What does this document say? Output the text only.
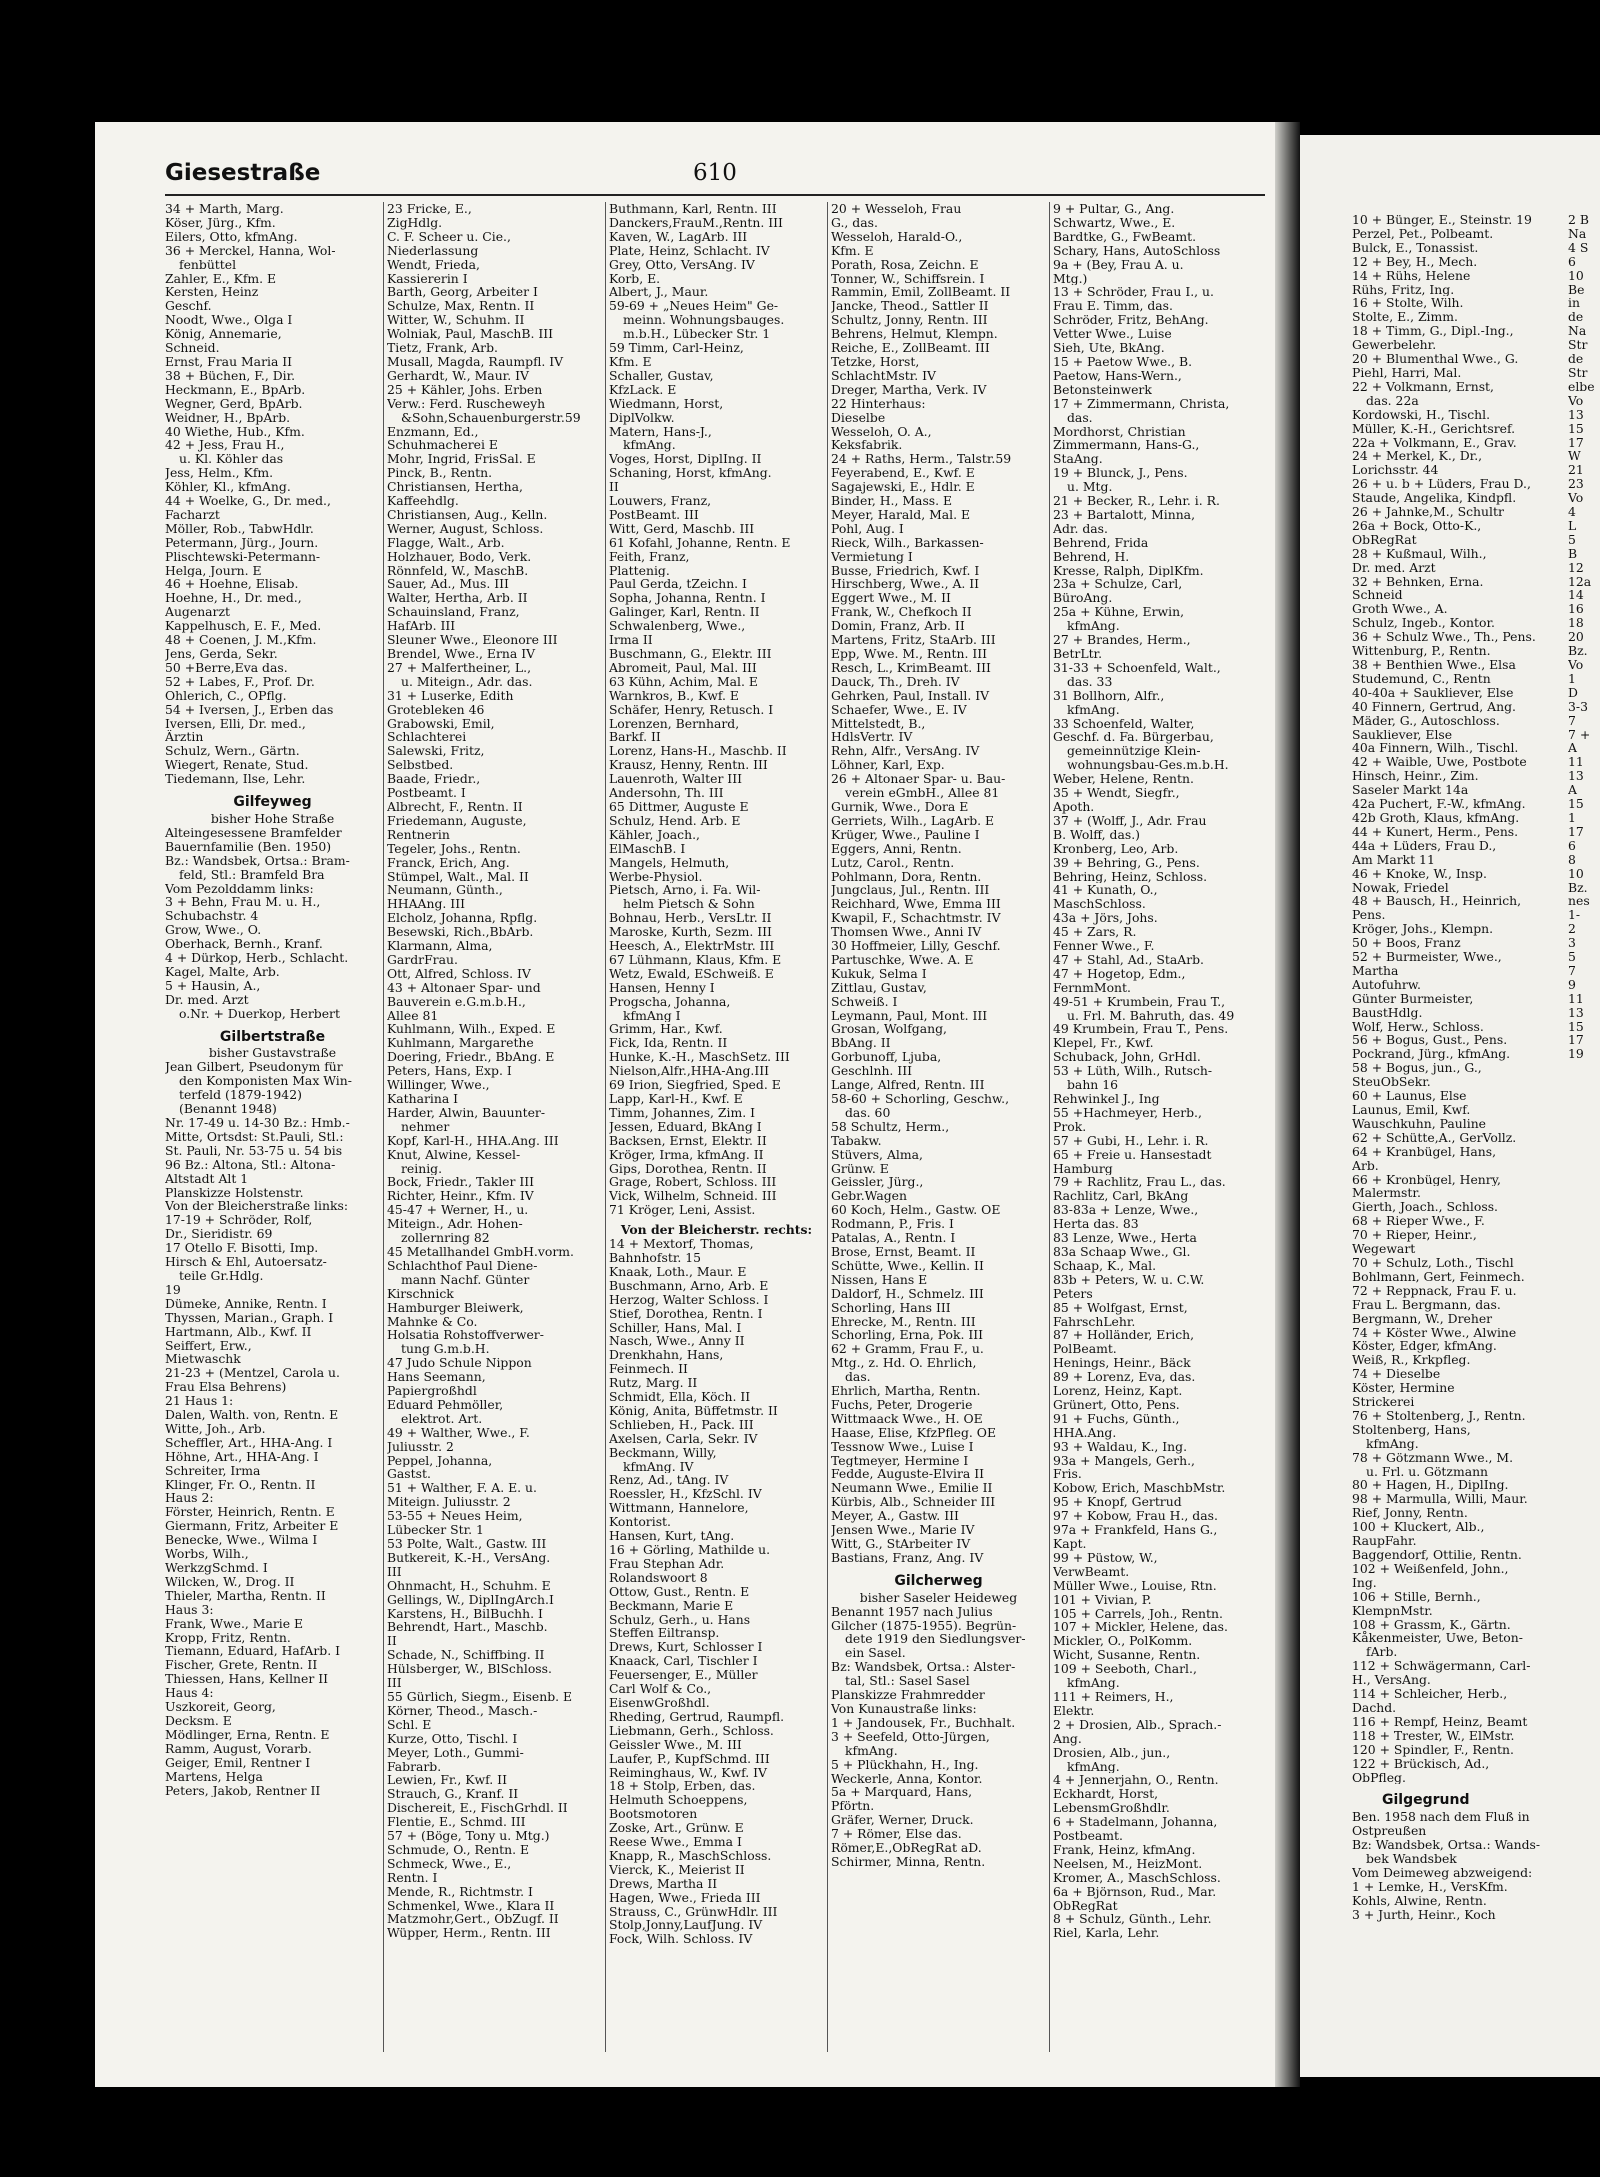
Giesestraße	610
34 + Marth, Marg.
Köser, Jürg., Kfm.
Eilers, Otto, kfmAng.
36 + Merckel, Hanna, Wol-
fenbüttel
Zahler, E., Kfm. E
Kersten, Heinz
Geschf.
Noodt, Wwe., Olga I
König, Annemarie,
Schneid.
Ernst, Frau Maria II
38 + Büchen, F., Dir.
Heckmann, E., BpArb.
Wegner, Gerd, BpArb.
Weidner, H., BpArb.
40 Wiethe, Hub., Kfm.
42 + Jess, Frau H.,
u. Kl. Köhler das
Jess, Helm., Kfm.
Köhler, Kl., kfmAng.
44 + Woelke, G., Dr. med.,
Facharzt
Möller, Rob., TabwHdlr.
Petermann, Jürg., Journ.
Plischtewski-Petermann-
Helga, Journ. E
46 + Hoehne, Elisab.
Hoehne, H., Dr. med.,
Augenarzt
Kappelhusch, E. F., Med.
48 + Coenen, J. M.,Kfm.
Jens, Gerda, Sekr.
50 +Berre,Eva das.
52 + Labes, F., Prof. Dr.
Ohlerich, C., OPflg.
54 + Iversen, J., Erben das
Iversen, Elli, Dr. med.,
Ärztin
Schulz, Wern., Gärtn.
Wiegert, Renate, Stud.
Tiedemann, Ilse, Lehr.
Gilfeyweg
bisher Hohe Straße
Alteingesessene Bramfelder
Bauernfamilie (Ben. 1950)
Bz.: Wandsbek, Ortsa.: Bram-
feld, Stl.: Bramfeld Bra
Vom Pezolddamm links:
3 + Behn, Frau M. u. H.,
Schubachstr. 4
Grow, Wwe., O.
Oberhack, Bernh., Kranf.
4 + Dürkop, Herb., Schlacht.
Kagel, Malte, Arb.
5 + Hausin, A.,
Dr. med. Arzt
o.Nr. + Duerkop, Herbert
Gilbertstraße
bisher Gustavstraße
Jean Gilbert, Pseudonym für
den Komponisten Max Win-
terfeld (1879-1942)
(Benannt 1948)
Nr. 17-49 u. 14-30 Bz.: Hmb.-
Mitte, Ortsdst: St.Pauli, Stl.:
St. Pauli, Nr. 53-75 u. 54 bis
96 Bz.: Altona, Stl.: Altona-
Altstadt Alt 1
Planskizze Holstenstr.
Von der Bleicherstraße links:
17-19 + Schröder, Rolf,
Dr., Sieridistr. 69
17 Otello F. Bisotti, Imp.
Hirsch & Ehl, Autoersatz-
teile Gr.Hdlg.
19
Dümeke, Annike, Rentn. I
Thyssen, Marian., Graph. I
Hartmann, Alb., Kwf. II
Seiffert, Erw.,
Mietwaschk
21-23 + (Mentzel, Carola u.
Frau Elsa Behrens)
21 Haus 1:
Dalen, Walth. von, Rentn. E
Witte, Joh., Arb.
Scheffler, Art., HHA-Ang. I
Höhne, Art., HHA-Ang. I
Schreiter, Irma
Klinger, Fr. O., Rentn. II
Haus 2:
Förster, Heinrich, Rentn. E
Giermann, Fritz, Arbeiter E
Benecke, Wwe., Wilma I
Worbs, Wilh.,
WerkzgSchmd. I
Wilcken, W., Drog. II
Thieler, Martha, Rentn. II
Haus 3:
Frank, Wwe., Marie E
Kropp, Fritz, Rentn.
Tiemann, Eduard, HafArb. I
Fischer, Grete, Rentn. II
Thiessen, Hans, Kellner II
Haus 4:
Uszkoreit, Georg,
Decksm. E
Mödlinger, Erna, Rentn. E
Ramm, August, Vorarb.
Geiger, Emil, Rentner I
Martens, Helga
Peters, Jakob, Rentner II
23 Fricke, E.,
ZigHdlg.
C. F. Scheer u. Cie.,
Niederlassung
Wendt, Frieda,
Kassiererin I
Barth, Georg, Arbeiter I
Schulze, Max, Rentn. II
Witter, W., Schuhm. II
Wolniak, Paul, MaschB. III
Tietz, Frank, Arb.
Musall, Magda, Raumpfl. IV
Gerhardt, W., Maur. IV
25 + Kähler, Johs. Erben
Verw.: Ferd. Ruscheweyh
&Sohn,Schauenburgerstr.59
Enzmann, Ed.,
Schuhmacherei E
Mohr, Ingrid, FrisSal. E
Pinck, B., Rentn.
Christiansen, Hertha,
Kaffeehdlg.
Christiansen, Aug., Kelln.
Werner, August, Schloss.
Flagge, Walt., Arb.
Holzhauer, Bodo, Verk.
Rönnfeld, W., MaschB.
Sauer, Ad., Mus. III
Walter, Hertha, Arb. II
Schauinsland, Franz,
HafArb. III
Sleuner Wwe., Eleonore III
Brendel, Wwe., Erna IV
27 + Malfertheiner, L.,
u. Miteign., Adr. das.
31 + Luserke, Edith
Grotebleken 46
Grabowski, Emil,
Schlachterei
Salewski, Fritz,
Selbstbed.
Baade, Friedr.,
Postbeamt. I
Albrecht, F., Rentn. II
Friedemann, Auguste,
Rentnerin
Tegeler, Johs., Rentn.
Franck, Erich, Ang.
Stümpel, Walt., Mal. II
Neumann, Günth.,
HHAAng. III
Elcholz, Johanna, Rpflg.
Besewski, Rich.,BbArb.
Klarmann, Alma,
GardrFrau.
Ott, Alfred, Schloss. IV
43 + Altonaer Spar- und
Bauverein e.G.m.b.H.,
Allee 81
Kuhlmann, Wilh., Exped. E
Kuhlmann, Margarethe
Doering, Friedr., BbAng. E
Peters, Hans, Exp. I
Willinger, Wwe.,
Katharina I
Harder, Alwin, Bauunter-
nehmer
Kopf, Karl-H., HHA.Ang. III
Knut, Alwine, Kessel-
reinig.
Bock, Friedr., Takler III
Richter, Heinr., Kfm. IV
45-47 + Werner, H., u.
Miteign., Adr. Hohen-
zollernring 82
45 Metallhandel GmbH.vorm.
Schlachthof Paul Diene-
mann Nachf. Günter
Kirschnick
Hamburger Bleiwerk,
Mahnke & Co.
Holsatia Rohstoffverwer-
tung G.m.b.H.
47 Judo Schule Nippon
Hans Seemann,
Papiergroßhdl
Eduard Pehmöller,
elektrot. Art.
49 + Walther, Wwe., F.
Juliusstr. 2
Peppel, Johanna,
Gastst.
51 + Walther, F. A. E. u.
Miteign. Juliusstr. 2
53-55 + Neues Heim,
Lübecker Str. 1
53 Polte, Walt., Gastw. III
Butkereit, K.-H., VersAng.
III
Ohnmacht, H., Schuhm. E
Gellings, W., DiplIngArch.I
Karstens, H., BilBuchh. I
Behrendt, Hart., Maschb.
II
Schade, N., Schiffbing. II
Hülsberger, W., BlSchloss.
III
55 Gürlich, Siegm., Eisenb. E
Körner, Theod., Masch.-
Schl. E
Kurze, Otto, Tischl. I
Meyer, Loth., Gummi-
Fabrarb.
Lewien, Fr., Kwf. II
Strauch, G., Kranf. II
Dischereit, E., FischGrhdl. II
Flentie, E., Schmd. III
57 + (Böge, Tony u. Mtg.)
Schmude, O., Rentn. E
Schmeck, Wwe., E.,
Rentn. I
Mende, R., Richtmstr. I
Schmenkel, Wwe., Klara II
Matzmohr,Gert., ObZugf. II
Wüpper, Herm., Rentn. III
Buthmann, Karl, Rentn. III
Danckers,FrauM.,Rentn. III
Kaven, W., LagArb. III
Plate, Heinz, Schlacht. IV
Grey, Otto, VersAng. IV
Korb, E.
Albert, J., Maur.
59-69 + „Neues Heim" Ge-
meinn. Wohnungsbauges.
m.b.H., Lübecker Str. 1
59 Timm, Carl-Heinz,
Kfm. E
Schaller, Gustav,
KfzLack. E
Wiedmann, Horst,
DiplVolkw.
Matern, Hans-J.,
kfmAng.
Voges, Horst, DiplIng. II
Schaning, Horst, kfmAng.
II
Louwers, Franz,
PostBeamt. III
Witt, Gerd, Maschb. III
61 Kofahl, Johanne, Rentn. E
Feith, Franz,
Plattenig.
Paul Gerda, tZeichn. I
Sopha, Johanna, Rentn. I
Galinger, Karl, Rentn. II
Schwalenberg, Wwe.,
Irma II
Buschmann, G., Elektr. III
Abromeit, Paul, Mal. III
63 Kühn, Achim, Mal. E
Warnkros, B., Kwf. E
Schäfer, Henry, Retusch. I
Lorenzen, Bernhard,
Barkf. II
Lorenz, Hans-H., Maschb. II
Krausz, Henny, Rentn. III
Lauenroth, Walter III
Andersohn, Th. III
65 Dittmer, Auguste E
Schulz, Hend. Arb. E
Kähler, Joach.,
ElMaschB. I
Mangels, Helmuth,
Werbe-Physiol.
Pietsch, Arno, i. Fa. Wil-
helm Pietsch & Sohn
Bohnau, Herb., VersLtr. II
Maroske, Kurth, Sezm. III
Heesch, A., ElektrMstr. III
67 Lühmann, Klaus, Kfm. E
Wetz, Ewald, ESchweiß. E
Hansen, Henny I
Progscha, Johanna,
kfmAng I
Grimm, Har., Kwf.
Fick, Ida, Rentn. II
Hunke, K.-H., MaschSetz. III
Nielson,Alfr.,HHA-Ang.III
69 Irion, Siegfried, Sped. E
Lapp, Karl-H., Kwf. E
Timm, Johannes, Zim. I
Jessen, Eduard, BkAng I
Backsen, Ernst, Elektr. II
Kröger, Irma, kfmAng. II
Gips, Dorothea, Rentn. II
Grage, Robert, Schloss. III
Vick, Wilhelm, Schneid. III
71 Kröger, Leni, Assist.
Von der Bleicherstr. rechts:
14 + Mextorf, Thomas,
Bahnhofstr. 15
Knaak, Loth., Maur. E
Buschmann, Arno, Arb. E
Herzog, Walter Schloss. I
Stief, Dorothea, Rentn. I
Schiller, Hans, Mal. I
Nasch, Wwe., Anny II
Drenkhahn, Hans,
Feinmech. II
Rutz, Marg. II
Schmidt, Ella, Köch. II
König, Anita, Büffetmstr. II
Schlieben, H., Pack. III
Axelsen, Carla, Sekr. IV
Beckmann, Willy,
kfmAng. IV
Renz, Ad., tAng. IV
Roessler, H., KfzSchl. IV
Wittmann, Hannelore,
Kontorist.
Hansen, Kurt, tAng.
16 + Görling, Mathilde u.
Frau Stephan Adr.
Rolandswoort 8
Ottow, Gust., Rentn. E
Beckmann, Marie E
Schulz, Gerh., u. Hans
Steffen Eiltransp.
Drews, Kurt, Schlosser I
Knaack, Carl, Tischler I
Feuersenger, E., Müller
Carl Wolf & Co.,
EisenwGroßhdl.
Rheding, Gertrud, Raumpfl.
Liebmann, Gerh., Schloss.
Geissler Wwe., M. III
Laufer, P., KupfSchmd. III
Reiminghaus, W., Kwf. IV
18 + Stolp, Erben, das.
Helmuth Schoeppens,
Bootsmotoren
Zoske, Art., Grünw. E
Reese Wwe., Emma I
Knapp, R., MaschSchloss.
Vierck, K., Meierist II
Drews, Martha II
Hagen, Wwe., Frieda III
Strauss, C., GrünwHdlr. III
Stolp,Jonny,LaufJung. IV
Fock, Wilh. Schloss. IV
20 + Wesseloh, Frau
G., das.
Wesseloh, Harald-O.,
Kfm. E
Porath, Rosa, Zeichn. E
Tonner, W., Schiffsrein. I
Rammin, Emil, ZollBeamt. II
Jancke, Theod., Sattler II
Schultz, Jonny, Rentn. III
Behrens, Helmut, Klempn.
Reiche, E., ZollBeamt. III
Tetzke, Horst,
SchlachtMstr. IV
Dreger, Martha, Verk. IV
22 Hinterhaus:
Dieselbe
Wesseloh, O. A.,
Keksfabrik.
24 + Raths, Herm., Talstr.59
Feyerabend, E., Kwf. E
Sagajewski, E., Hdlr. E
Binder, H., Mass. E
Meyer, Harald, Mal. E
Pohl, Aug. I
Rieck, Wilh., Barkassen-
Vermietung I
Busse, Friedrich, Kwf. I
Hirschberg, Wwe., A. II
Eggert Wwe., M. II
Frank, W., Chefkoch II
Domin, Franz, Arb. II
Martens, Fritz, StaArb. III
Epp, Wwe. M., Rentn. III
Resch, L., KrimBeamt. III
Dauck, Th., Dreh. IV
Gehrken, Paul, Install. IV
Schaefer, Wwe., E. IV
Mittelstedt, B.,
HdlsVertr. IV
Rehn, Alfr., VersAng. IV
Löhner, Karl, Exp.
26 + Altonaer Spar- u. Bau-
verein eGmbH., Allee 81
Gurnik, Wwe., Dora E
Gerriets, Wilh., LagArb. E
Krüger, Wwe., Pauline I
Eggers, Anni, Rentn.
Lutz, Carol., Rentn.
Pohlmann, Dora, Rentn.
Jungclaus, Jul., Rentn. III
Reichhard, Wwe, Emma III
Kwapil, F., Schachtmstr. IV
Thomsen Wwe., Anni IV
30 Hoffmeier, Lilly, Geschf.
Partuschke, Wwe. A. E
Kukuk, Selma I
Zittlau, Gustav,
Schweiß. I
Leymann, Paul, Mont. III
Grosan, Wolfgang,
BbAng. II
Gorbunoff, Ljuba,
Geschlnh. III
Lange, Alfred, Rentn. III
58-60 + Schorling, Geschw.,
das. 60
58 Schultz, Herm.,
Tabakw.
Stüvers, Alma,
Grünw. E
Geissler, Jürg.,
Gebr.Wagen
60 Koch, Helm., Gastw. OE
Rodmann, P., Fris. I
Patalas, A., Rentn. I
Brose, Ernst, Beamt. II
Schütte, Wwe., Kellin. II
Nissen, Hans E
Daldorf, H., Schmelz. III
Schorling, Hans III
Ehrecke, M., Rentn. III
Schorling, Erna, Pok. III
62 + Gramm, Frau F., u.
Mtg., z. Hd. O. Ehrlich,
das.
Ehrlich, Martha, Rentn.
Fuchs, Peter, Drogerie
Wittmaack Wwe., H. OE
Haase, Elise, KfzPfleg. OE
Tessnow Wwe., Luise I
Tegtmeyer, Hermine I
Fedde, Auguste-Elvira II
Neumann Wwe., Emilie II
Kürbis, Alb., Schneider III
Meyer, A., Gastw. III
Jensen Wwe., Marie IV
Witt, G., StArbeiter IV
Bastians, Franz, Ang. IV
Gilcherweg
bisher Saseler Heideweg
Benannt 1957 nach Julius
Gilcher (1875-1955). Begrün-
dete 1919 den Siedlungsver-
ein Sasel.
Bz: Wandsbek, Ortsa.: Alster-
tal, Stl.: Sasel Sasel
Planskizze Frahmredder
Von Kunaustraße links:
1 + Jandousek, Fr., Buchhalt.
3 + Seefeld, Otto-Jürgen,
kfmAng.
5 + Plückhahn, H., Ing.
Weckerle, Anna, Kontor.
5a + Marquard, Hans,
Pförtn.
Gräfer, Werner, Druck.
7 + Römer, Else das.
Römer,E.,ObRegRat aD.
Schirmer, Minna, Rentn.
9 + Pultar, G., Ang.
Schwartz, Wwe., E.
Bardtke, G., FwBeamt.
Schary, Hans, AutoSchloss
9a + (Bey, Frau A. u.
Mtg.)
13 + Schröder, Frau I., u.
Frau E. Timm, das.
Schröder, Fritz, BehAng.
Vetter Wwe., Luise
Sieh, Ute, BkAng.
15 + Paetow Wwe., B.
Paetow, Hans-Wern.,
Betonsteinwerk
17 + Zimmermann, Christa,
das.
Mordhorst, Christian
Zimmermann, Hans-G.,
StaAng.
19 + Blunck, J., Pens.
u. Mtg.
21 + Becker, R., Lehr. i. R.
23 + Bartalott, Minna,
Adr. das.
Behrend, Frida
Behrend, H.
Kresse, Ralph, DiplKfm.
23a + Schulze, Carl,
BüroAng.
25a + Kühne, Erwin,
kfmAng.
27 + Brandes, Herm.,
BetrLtr.
31-33 + Schoenfeld, Walt.,
das. 33
31 Bollhorn, Alfr.,
kfmAng.
33 Schoenfeld, Walter,
Geschf. d. Fa. Bürgerbau,
gemeinnützige Klein-
wohnungsbau-Ges.m.b.H.
Weber, Helene, Rentn.
35 + Wendt, Siegfr.,
Apoth.
37 + (Wolff, J., Adr. Frau
B. Wolff, das.)
Kronberg, Leo, Arb.
39 + Behring, G., Pens.
Behring, Heinz, Schloss.
41 + Kunath, O.,
MaschSchloss.
43a + Jörs, Johs.
45 + Zars, R.
Fenner Wwe., F.
47 + Stahl, Ad., StaArb.
47 + Hogetop, Edm.,
FernmMont.
49-51 + Krumbein, Frau T.,
u. Frl. M. Bahruth, das. 49
49 Krumbein, Frau T., Pens.
Klepel, Fr., Kwf.
Schuback, John, GrHdl.
53 + Lüth, Wilh., Rutsch-
bahn 16
Rehwinkel J., Ing
55 +Hachmeyer, Herb.,
Prok.
57 + Gubi, H., Lehr. i. R.
65 + Freie u. Hansestadt
Hamburg
79 + Rachlitz, Frau L., das.
Rachlitz, Carl, BkAng
83-83a + Lenze, Wwe.,
Herta das. 83
83 Lenze, Wwe., Herta
83a Schaap Wwe., Gl.
Schaap, K., Mal.
83b + Peters, W. u. C.W.
Peters
85 + Wolfgast, Ernst,
FahrschLehr.
87 + Holländer, Erich,
PolBeamt.
Henings, Heinr., Bäck
89 + Lorenz, Eva, das.
Lorenz, Heinz, Kapt.
Grünert, Otto, Pens.
91 + Fuchs, Günth.,
HHA.Ang.
93 + Waldau, K., Ing.
93a + Mangels, Gerh.,
Fris.
Kobow, Erich, MaschbMstr.
95 + Knopf, Gertrud
97 + Kobow, Frau H., das.
97a + Frankfeld, Hans G.,
Kapt.
99 + Püstow, W.,
VerwBeamt.
Müller Wwe., Louise, Rtn.
101 + Vivian, P.
105 + Carrels, Joh., Rentn.
107 + Mickler, Helene, das.
Mickler, O., PolKomm.
Wicht, Susanne, Rentn.
109 + Seeboth, Charl.,
kfmAng.
111 + Reimers, H.,
Elektr.
2 + Drosien, Alb., Sprach.-
Ang.
Drosien, Alb., jun.,
kfmAng.
4 + Jennerjahn, O., Rentn.
Eckhardt, Horst,
LebensmGroßhdlr.
6 + Stadelmann, Johanna,
Postbeamt.
Frank, Heinz, kfmAng.
Neelsen, M., HeizMont.
Kromer, A., MaschSchloss.
6a + Björnson, Rud., Mar.
ObRegRat
8 + Schulz, Günth., Lehr.
Riel, Karla, Lehr.
10 + Bünger, E., Steinstr. 19
Perzel, Pet., Polbeamt.
Bulck, E., Tonassist.
12 + Bey, H., Mech.
14 + Rühs, Helene
Rühs, Fritz, Ing.
16 + Stolte, Wilh.
Stolte, E., Zimm.
18 + Timm, G., Dipl.-Ing.,
Gewerbelehr.
20 + Blumenthal Wwe., G.
Piehl, Harri, Mal.
22 + Volkmann, Ernst,
das. 22a
Kordowski, H., Tischl.
Müller, K.-H., Gerichtsref.
22a + Volkmann, E., Grav.
24 + Merkel, K., Dr.,
Lorichsstr. 44
26 + u. b + Lüders, Frau D.,
Staude, Angelika, Kindpfl.
26 + Jahnke,M., Schultr
26a + Bock, Otto-K.,
ObRegRat
28 + Kußmaul, Wilh.,
Dr. med. Arzt
32 + Behnken, Erna.
Schneid
Groth Wwe., A.
Schulz, Ingeb., Kontor.
36 + Schulz Wwe., Th., Pens.
Wittenburg, P., Rentn.
38 + Benthien Wwe., Elsa
Studemund, C., Rentn
40-40a + Saukliever, Else
40 Finnern, Gertrud, Ang.
Mäder, G., Autoschloss.
Saukliever, Else
40a Finnern, Wilh., Tischl.
42 + Waible, Uwe, Postbote
Hinsch, Heinr., Zim.
Saseler Markt 14a
42a Puchert, F.-W., kfmAng.
42b Groth, Klaus, kfmAng.
44 + Kunert, Herm., Pens.
44a + Lüders, Frau D.,
Am Markt 11
46 + Knoke, W., Insp.
Nowak, Friedel
48 + Bausch, H., Heinrich,
Pens.
Kröger, Johs., Klempn.
50 + Boos, Franz
52 + Burmeister, Wwe.,
Martha
Autofuhrw.
Günter Burmeister,
BaustHdlg.
Wolf, Herw., Schloss.
56 + Bogus, Gust., Pens.
Pockrand, Jürg., kfmAng.
58 + Bogus, jun., G.,
SteuObSekr.
60 + Launus, Else
Launus, Emil, Kwf.
Wauschkuhn, Pauline
62 + Schütte,A., GerVollz.
64 + Kranbügel, Hans,
Arb.
66 + Kronbügel, Henry,
Malermstr.
Gierth, Joach., Schloss.
68 + Rieper Wwe., F.
70 + Rieper, Heinr.,
Wegewart
70 + Schulz, Loth., Tischl
Bohlmann, Gert, Feinmech.
72 + Reppnack, Frau F. u.
Frau L. Bergmann, das.
Bergmann, W., Dreher
74 + Köster Wwe., Alwine
Köster, Edger, kfmAng.
Weiß, R., Krkpfleg.
74 + Dieselbe
Köster, Hermine
Strickerei
76 + Stoltenberg, J., Rentn.
Stoltenberg, Hans,
kfmAng.
78 + Götzmann Wwe., M.
u. Frl. u. Götzmann
80 + Hagen, H., DiplIng.
98 + Marmulla, Willi, Maur.
Rief, Jonny, Rentn.
100 + Kluckert, Alb.,
RaupFahr.
Baggendorf, Ottilie, Rentn.
102 + Weißenfeld, John.,
Ing.
106 + Stille, Bernh.,
KlempnMstr.
108 + Grassm, K., Gärtn.
Kåkenmeister, Uwe, Beton-
fArb.
112 + Schwägermann, Carl-
H., VersAng.
114 + Schleicher, Herb.,
Dachd.
116 + Rempf, Heinz, Beamt
118 + Trester, W., ElMstr.
120 + Spindler, F., Rentn.
122 + Brückisch, Ad.,
ObPfleg.
Gilgegrund
Ben. 1958 nach dem Fluß in
Ostpreußen
Bz: Wandsbek, Ortsa.: Wands-
bek Wandsbek
Vom Deimeweg abzweigend:
1 + Lemke, H., VersKfm.
Kohls, Alwine, Rentn.
3 + Jurth, Heinr., Koch
2 B
Na
4 S
6
10
Be
in
de
Na
Str
de
Str
elbe
Vo
13
15
17
W
21
23
Vo
4
L
5
B
12
12a
14
16
18
20
Bz.
Vo
1
D
3-3
7
7 +
A
11
13
A
15
1
17
6
8
10
Bz.
nes
1-
2
3
5
7
9
11
13
15
17
19
